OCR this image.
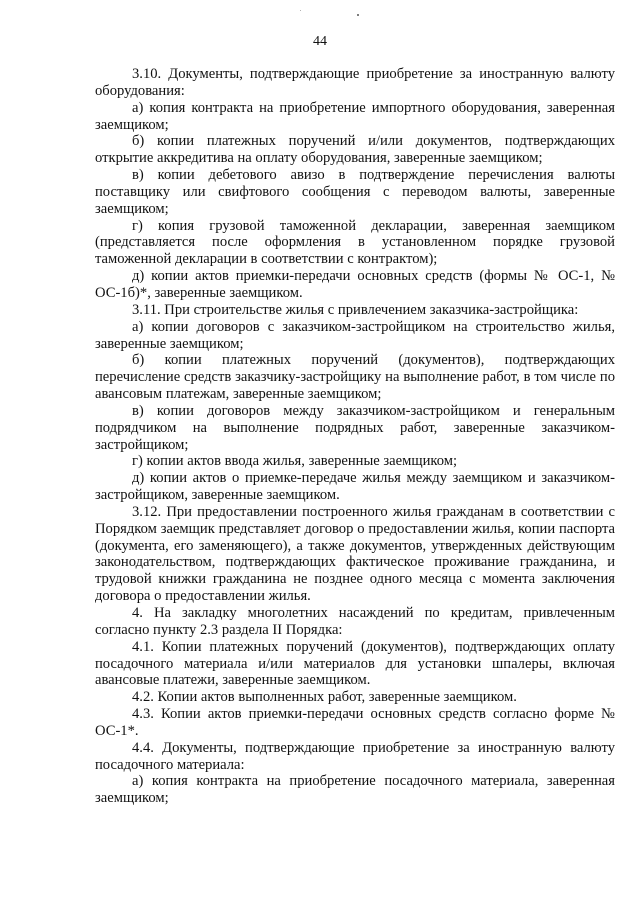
44

3.10. Документы, подтверждающие приобретение за иностранную валюту оборудования:

а) копия контракта на приобретение импортного оборудования, заверенная заемщиком;

б) копии платежных поручений и/или документов, подтверждающих открытие аккредитива на оплату оборудования, заверенные заемщиком;

в) копии дебетового авизо в подтверждение перечисления валюты поставщику или свифтового сообщения с переводом валюты, заверенные заемщиком;

г) копия грузовой таможенной декларации, заверенная заемщиком (представляется после оформления в установленном порядке грузовой таможенной декларации в соответствии с контрактом);

д) копии актов приемки-передачи основных средств (формы № ОС-1, № ОС-1б)*, заверенные заемщиком.

3.11. При строительстве жилья с привлечением заказчика-застройщика:

а) копии договоров с заказчиком-застройщиком на строительство жилья, заверенные заемщиком;

б) копии платежных поручений (документов), подтверждающих перечисление средств заказчику-застройщику на выполнение работ, в том числе по авансовым платежам, заверенные заемщиком;

в) копии договоров между заказчиком-застройщиком и генеральным подрядчиком на выполнение подрядных работ, заверенные заказчиком-застройщиком;

г) копии актов ввода жилья, заверенные заемщиком;

д) копии актов о приемке-передаче жилья между заемщиком и заказчиком-застройщиком, заверенные заемщиком.

3.12. При предоставлении построенного жилья гражданам в соответствии с Порядком заемщик представляет договор о предоставлении жилья, копии паспорта (документа, его заменяющего), а также документов, утвержденных действующим законодательством, подтверждающих фактическое проживание гражданина, и трудовой книжки гражданина не позднее одного месяца с момента заключения договора о предоставлении жилья.

4. На закладку многолетних насаждений по кредитам, привлеченным согласно пункту 2.3 раздела II Порядка:

4.1. Копии платежных поручений (документов), подтверждающих оплату посадочного материала и/или материалов для установки шпалеры, включая авансовые платежи, заверенные заемщиком.

4.2. Копии актов выполненных работ, заверенные заемщиком.

4.3. Копии актов приемки-передачи основных средств согласно форме № ОС-1*.

4.4. Документы, подтверждающие приобретение за иностранную валюту посадочного материала:

а) копия контракта на приобретение посадочного материала, заверенная заемщиком;
